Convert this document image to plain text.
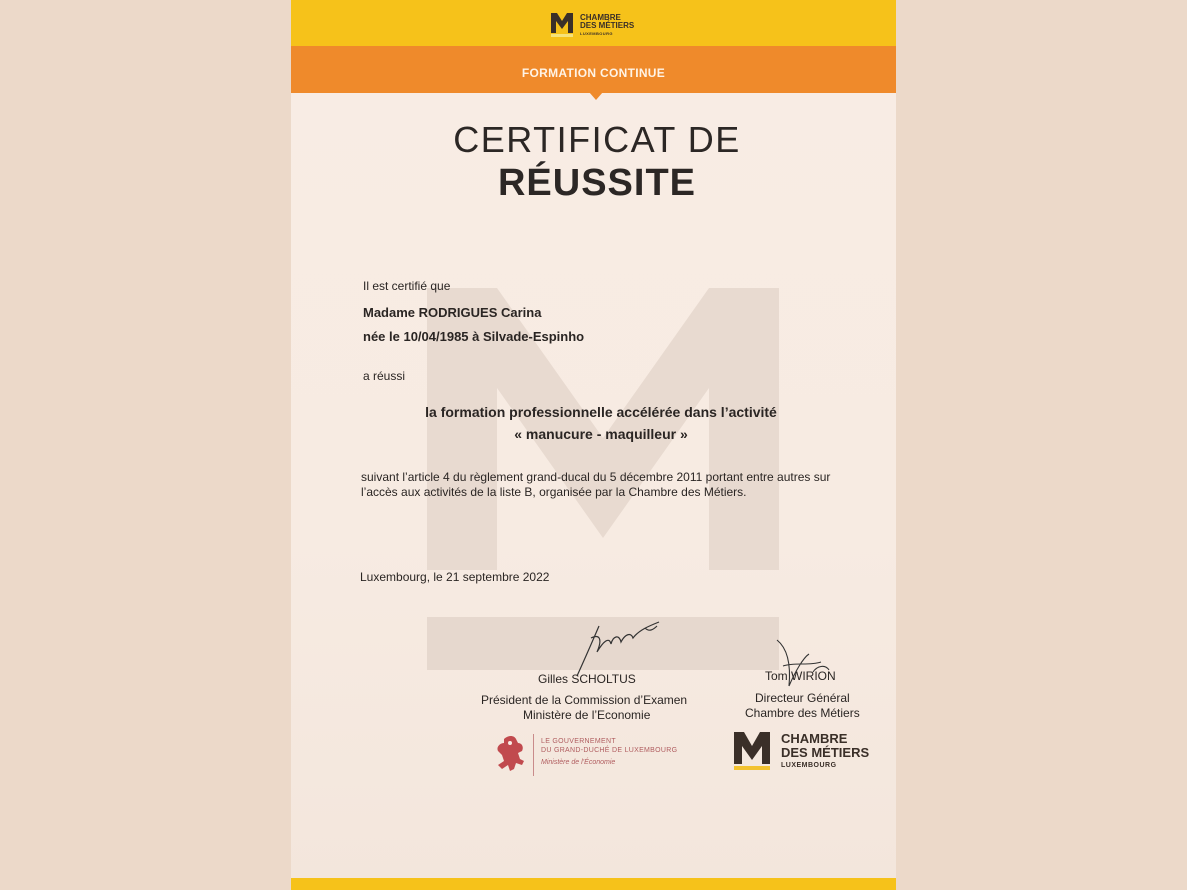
FORMATION CONTINUE
CHAMBRE
DES MÉTIERS
LUXEMBOURG
CERTIFICAT DE
RÉUSSITE
Il est certifié que
Madame RODRIGUES Carina
née le 10/04/1985 à Silvade-Espinho
a réussi
la formation professionnelle accélérée dans l’activité
« manucure - maquilleur »
suivant l’article 4 du règlement grand-ducal du 5 décembre 2011 portant entre autres sur
l’accès aux activités de la liste B, organisée par la Chambre des Métiers.
Luxembourg, le 21 septembre 2022
Gilles SCHOLTUS
Président de la Commission d’Examen
Ministère de l’Economie
Tom WIRION
Directeur Général
Chambre des Métiers
LE GOUVERNEMENT
DU GRAND-DUCHÉ DE LUXEMBOURG
Ministère de l’Économie
CHAMBRE
DES MÉTIERS
LUXEMBOURG
